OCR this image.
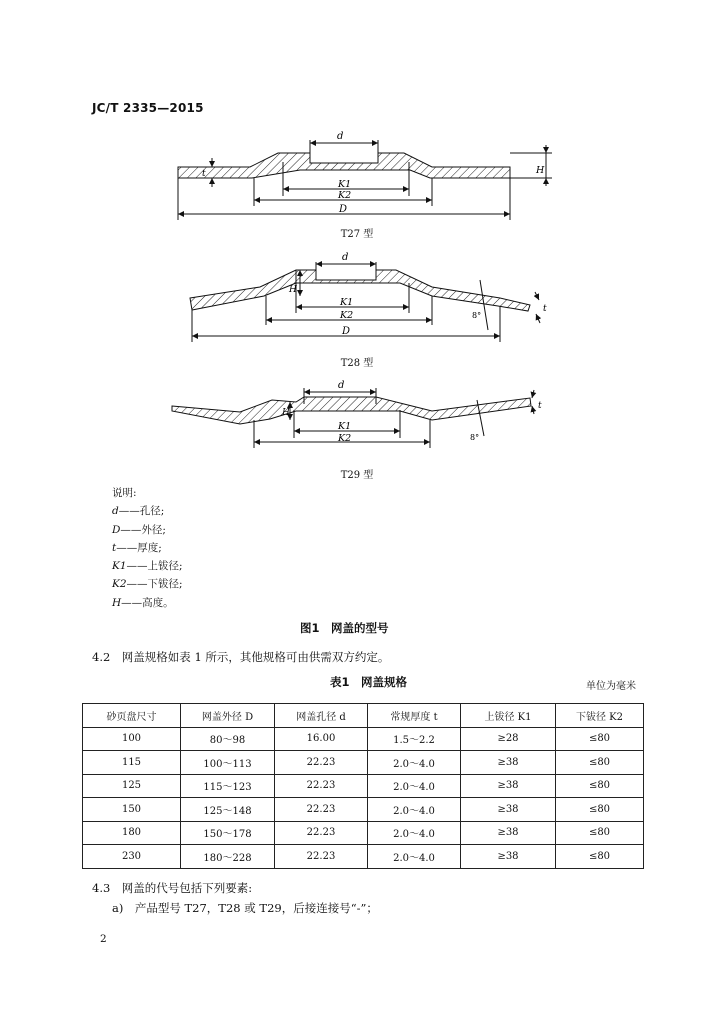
JC/T 2335—2015
d
K1
K2
D
H
t
d
K1
K2
D
H
8°
t
d
K1
K2
H
8°
t
T27 型
T28 型
T29 型
说明:
d——孔径;
D——外径;
t——厚度;
K1——上钹径;
K2——下钹径;
H——高度。
图1　网盖的型号
4.2　网盖规格如表 1 所示，其他规格可由供需双方约定。
表1　网盖规格	单位为毫米
砂页盘尺寸	网盖外径 D	网盖孔径 d	常规厚度 t	上钹径 K1	下钹径 K2
100	80～98	16.00	1.5～2.2	≥28	≤80
115	100～113	22.23	2.0～4.0	≥38	≤80
125	115～123	22.23	2.0～4.0	≥38	≤80
150	125～148	22.23	2.0～4.0	≥38	≤80
180	150～178	22.23	2.0～4.0	≥38	≤80
230	180～228	22.23	2.0～4.0	≥38	≤80
4.3　网盖的代号包括下列要素:
a)　产品型号 T27，T28 或 T29，后接连接号“-”；
2
